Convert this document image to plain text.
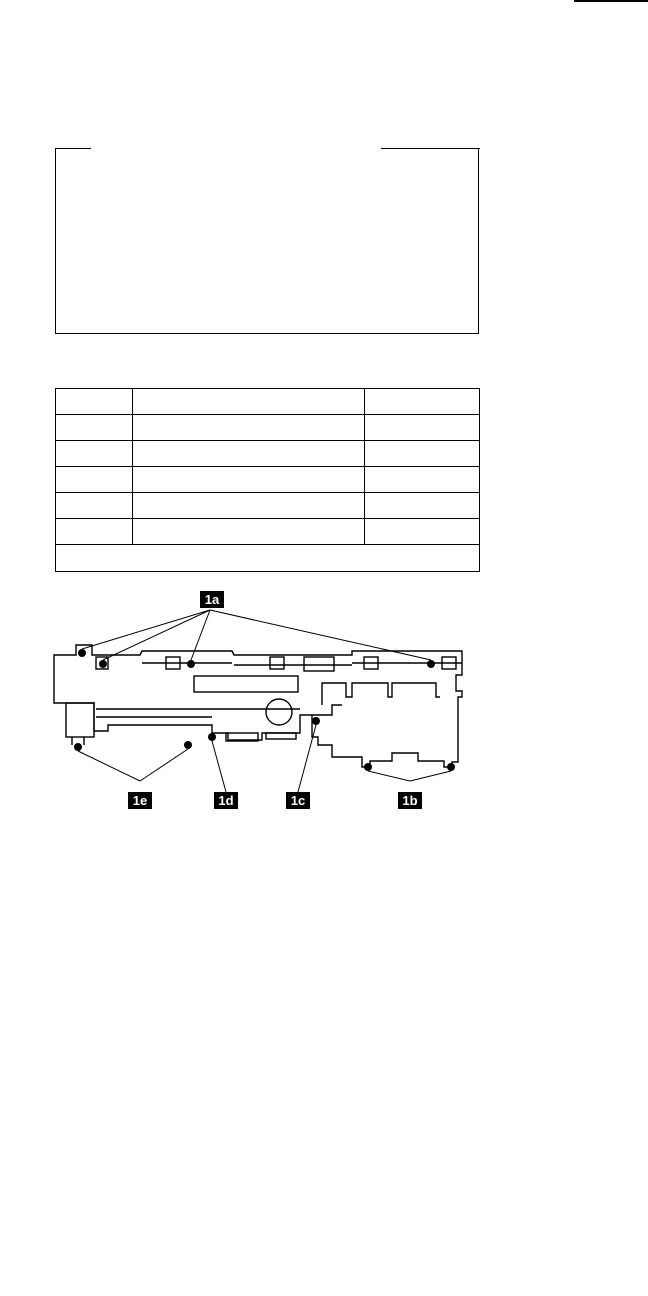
1a
1b
1c
1d
1e
